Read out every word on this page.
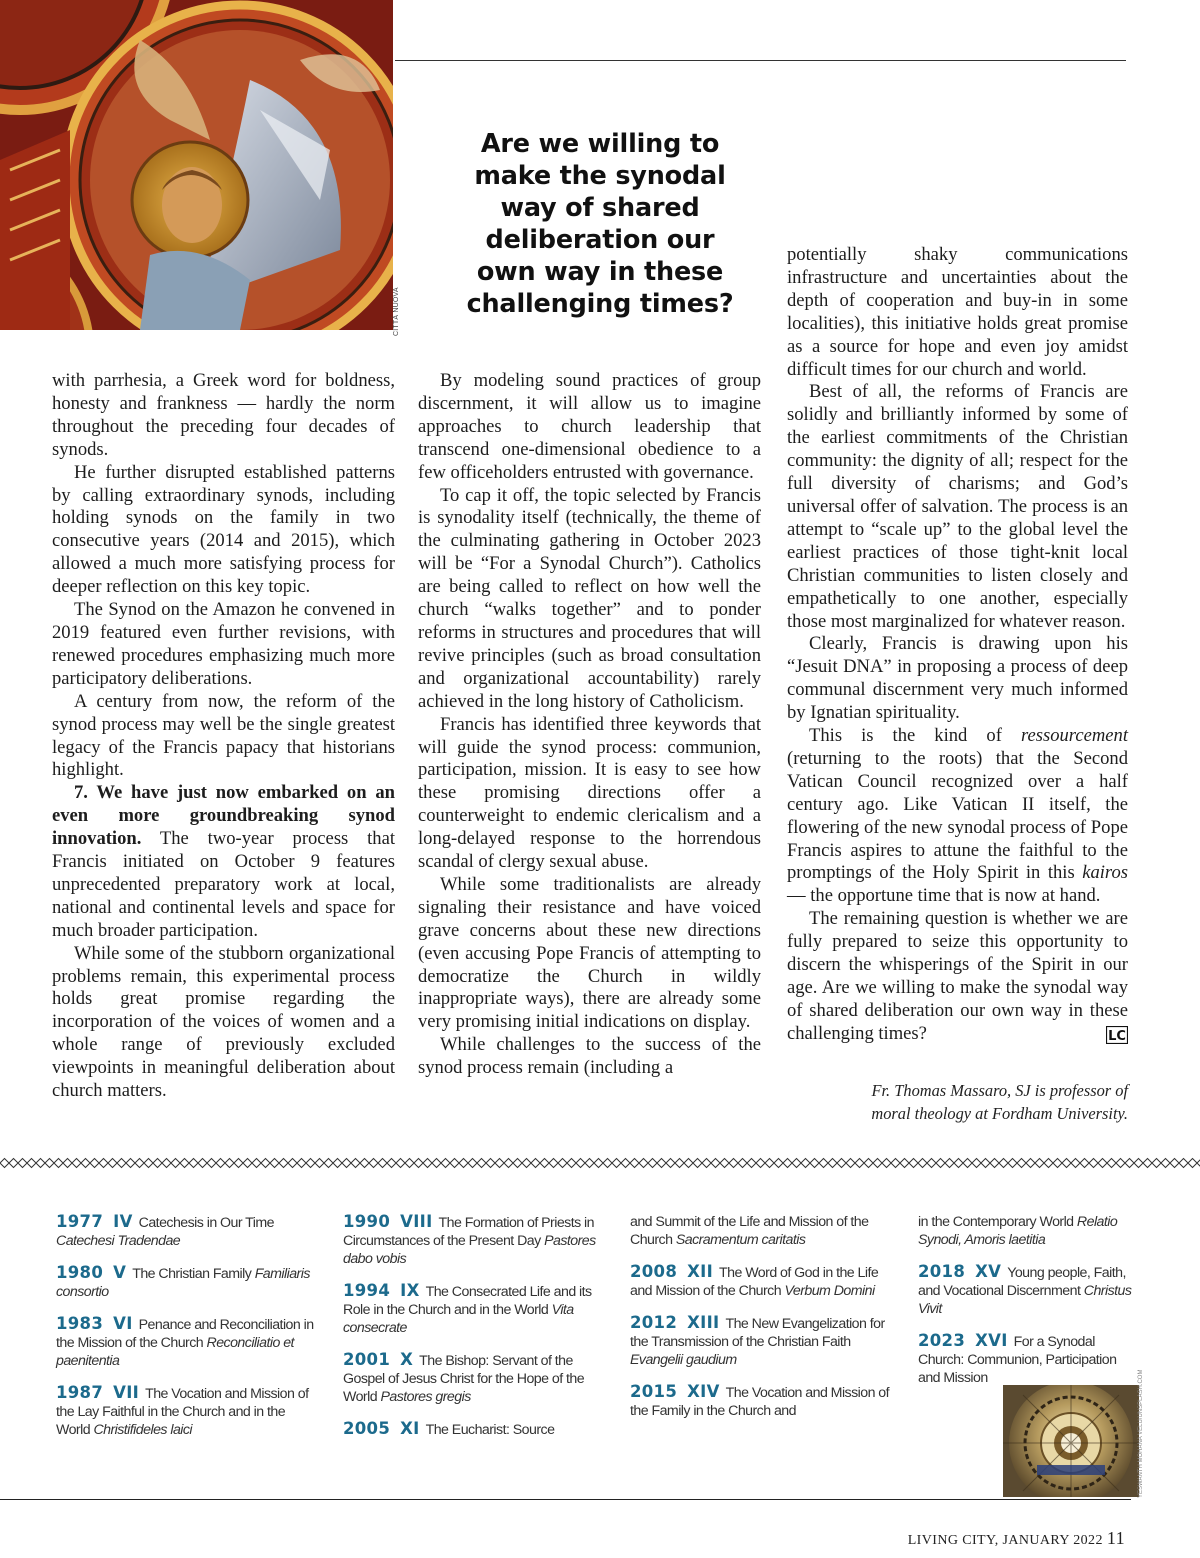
CITTÀ NUOVA
Are we willing to make the synodal way of shared deliberation our own way in these challenging times?

with parrhesia, a Greek word for boldness, honesty and frankness — hardly the norm throughout the preceding four decades of synods.

He further disrupted established patterns by calling extraordinary synods, including holding synods on the family in two consecutive years (2014 and 2015), which allowed a much more satisfying process for deeper reflection on this key topic.

The Synod on the Amazon he convened in 2019 featured even further revisions, with renewed procedures emphasizing much more participatory deliberations.

A century from now, the reform of the synod process may well be the single greatest legacy of the Francis papacy that historians highlight.

7. We have just now embarked on an even more groundbreaking synod innovation. The two-year process that Francis initiated on October 9 features unprecedented preparatory work at local, national and continental levels and space for much broader participation.

While some of the stubborn organizational problems remain, this experimental process holds great promise regarding the incorporation of the voices of women and a whole range of previously excluded viewpoints in meaningful deliberation about church matters.

By modeling sound practices of group discernment, it will allow us to imagine approaches to church leadership that transcend one-dimensional obedience to a few officeholders entrusted with governance.

To cap it off, the topic selected by Francis is synodality itself (technically, the theme of the culminating gathering in October 2023 will be “For a Synodal Church”). Catholics are being called to reflect on how well the church “walks together” and to ponder reforms in structures and procedures that will revive principles (such as broad consultation and organizational accountability) rarely achieved in the long history of Catholicism.

Francis has identified three keywords that will guide the synod process: communion, participation, mission. It is easy to see how these promising directions offer a counterweight to endemic clericalism and a long-delayed response to the horrendous scandal of clergy sexual abuse.

While some traditionalists are already signaling their resistance and have voiced grave concerns about these new directions (even accusing Pope Francis of attempting to democratize the Church in wildly inappropriate ways), there are already some very promising initial indications on display.

While challenges to the success of the synod process remain (including a

potentially shaky communications infrastructure and uncertainties about the depth of cooperation and buy-in in some localities), this initiative holds great promise as a source for hope and even joy amidst difficult times for our church and world.

Best of all, the reforms of Francis are solidly and brilliantly informed by some of the earliest commitments of the Christian community: the dignity of all; respect for the full diversity of charisms; and God’s universal offer of salvation. The process is an attempt to “scale up” to the global level the earliest practices of those tight-knit local Christian communities to listen closely and empathetically to one another, especially those most marginalized for whatever reason.

Clearly, Francis is drawing upon his “Jesuit DNA” in proposing a process of deep communal discernment very much informed by Ignatian spirituality.

This is the kind of ressourcement (returning to the roots) that the Second Vatican Council recognized over a half century ago. Like Vatican II itself, the flowering of the new synodal process of Pope Francis aspires to attune the faithful to the promptings of the Holy Spirit in this kairos — the opportune time that is now at hand.

The remaining question is whether we are fully prepared to seize this opportunity to discern the whisperings of the Spirit in our age. Are we willing to make the synodal way of shared deliberation our own way in these challenging times?	LC

Fr. Thomas Massaro, SJ is professor of
moral theology at Fordham University.
1977 IV Catechesis in Our Time Catechesi Tradendae
1980 V The Christian Family Familiaris consortio
1983 VI Penance and Reconciliation in the Mission of the Church Reconciliatio et paenitentia
1987 VII The Vocation and Mission of the Lay Faithful in the Church and in the World Christifideles laici
1990 VIII The Formation of Priests in Circumstances of the Present Day Pastores dabo vobis
1994 IX The Consecrated Life and its Role in the Church and in the World Vita consecrate
2001 X The Bishop: Servant of the Gospel of Jesus Christ for the Hope of the World Pastores gregis
2005 XI The Eucharist: Source
and Summit of the Life and Mission of the Church Sacramentum caritatis
2008 XII The Word of God in the Life and Mission of the Church Verbum Domini
2012 XIII The New Evangelization for the Transmission of the Christian Faith Evangelii gaudium
2015 XIV The Vocation and Mission of the Family in the Church and
in the Contemporary World Relatio Synodi, Amoris laetitia
2018 XV Young people, Faith, and Vocational Discernment Christus Vivit
2023 XVI For a Synodal Church: Communion, Participation and Mission	YESWANTH MOHANA VELU/UNSPLASH.COM
LIVING CITY, JANUARY 2022 11
